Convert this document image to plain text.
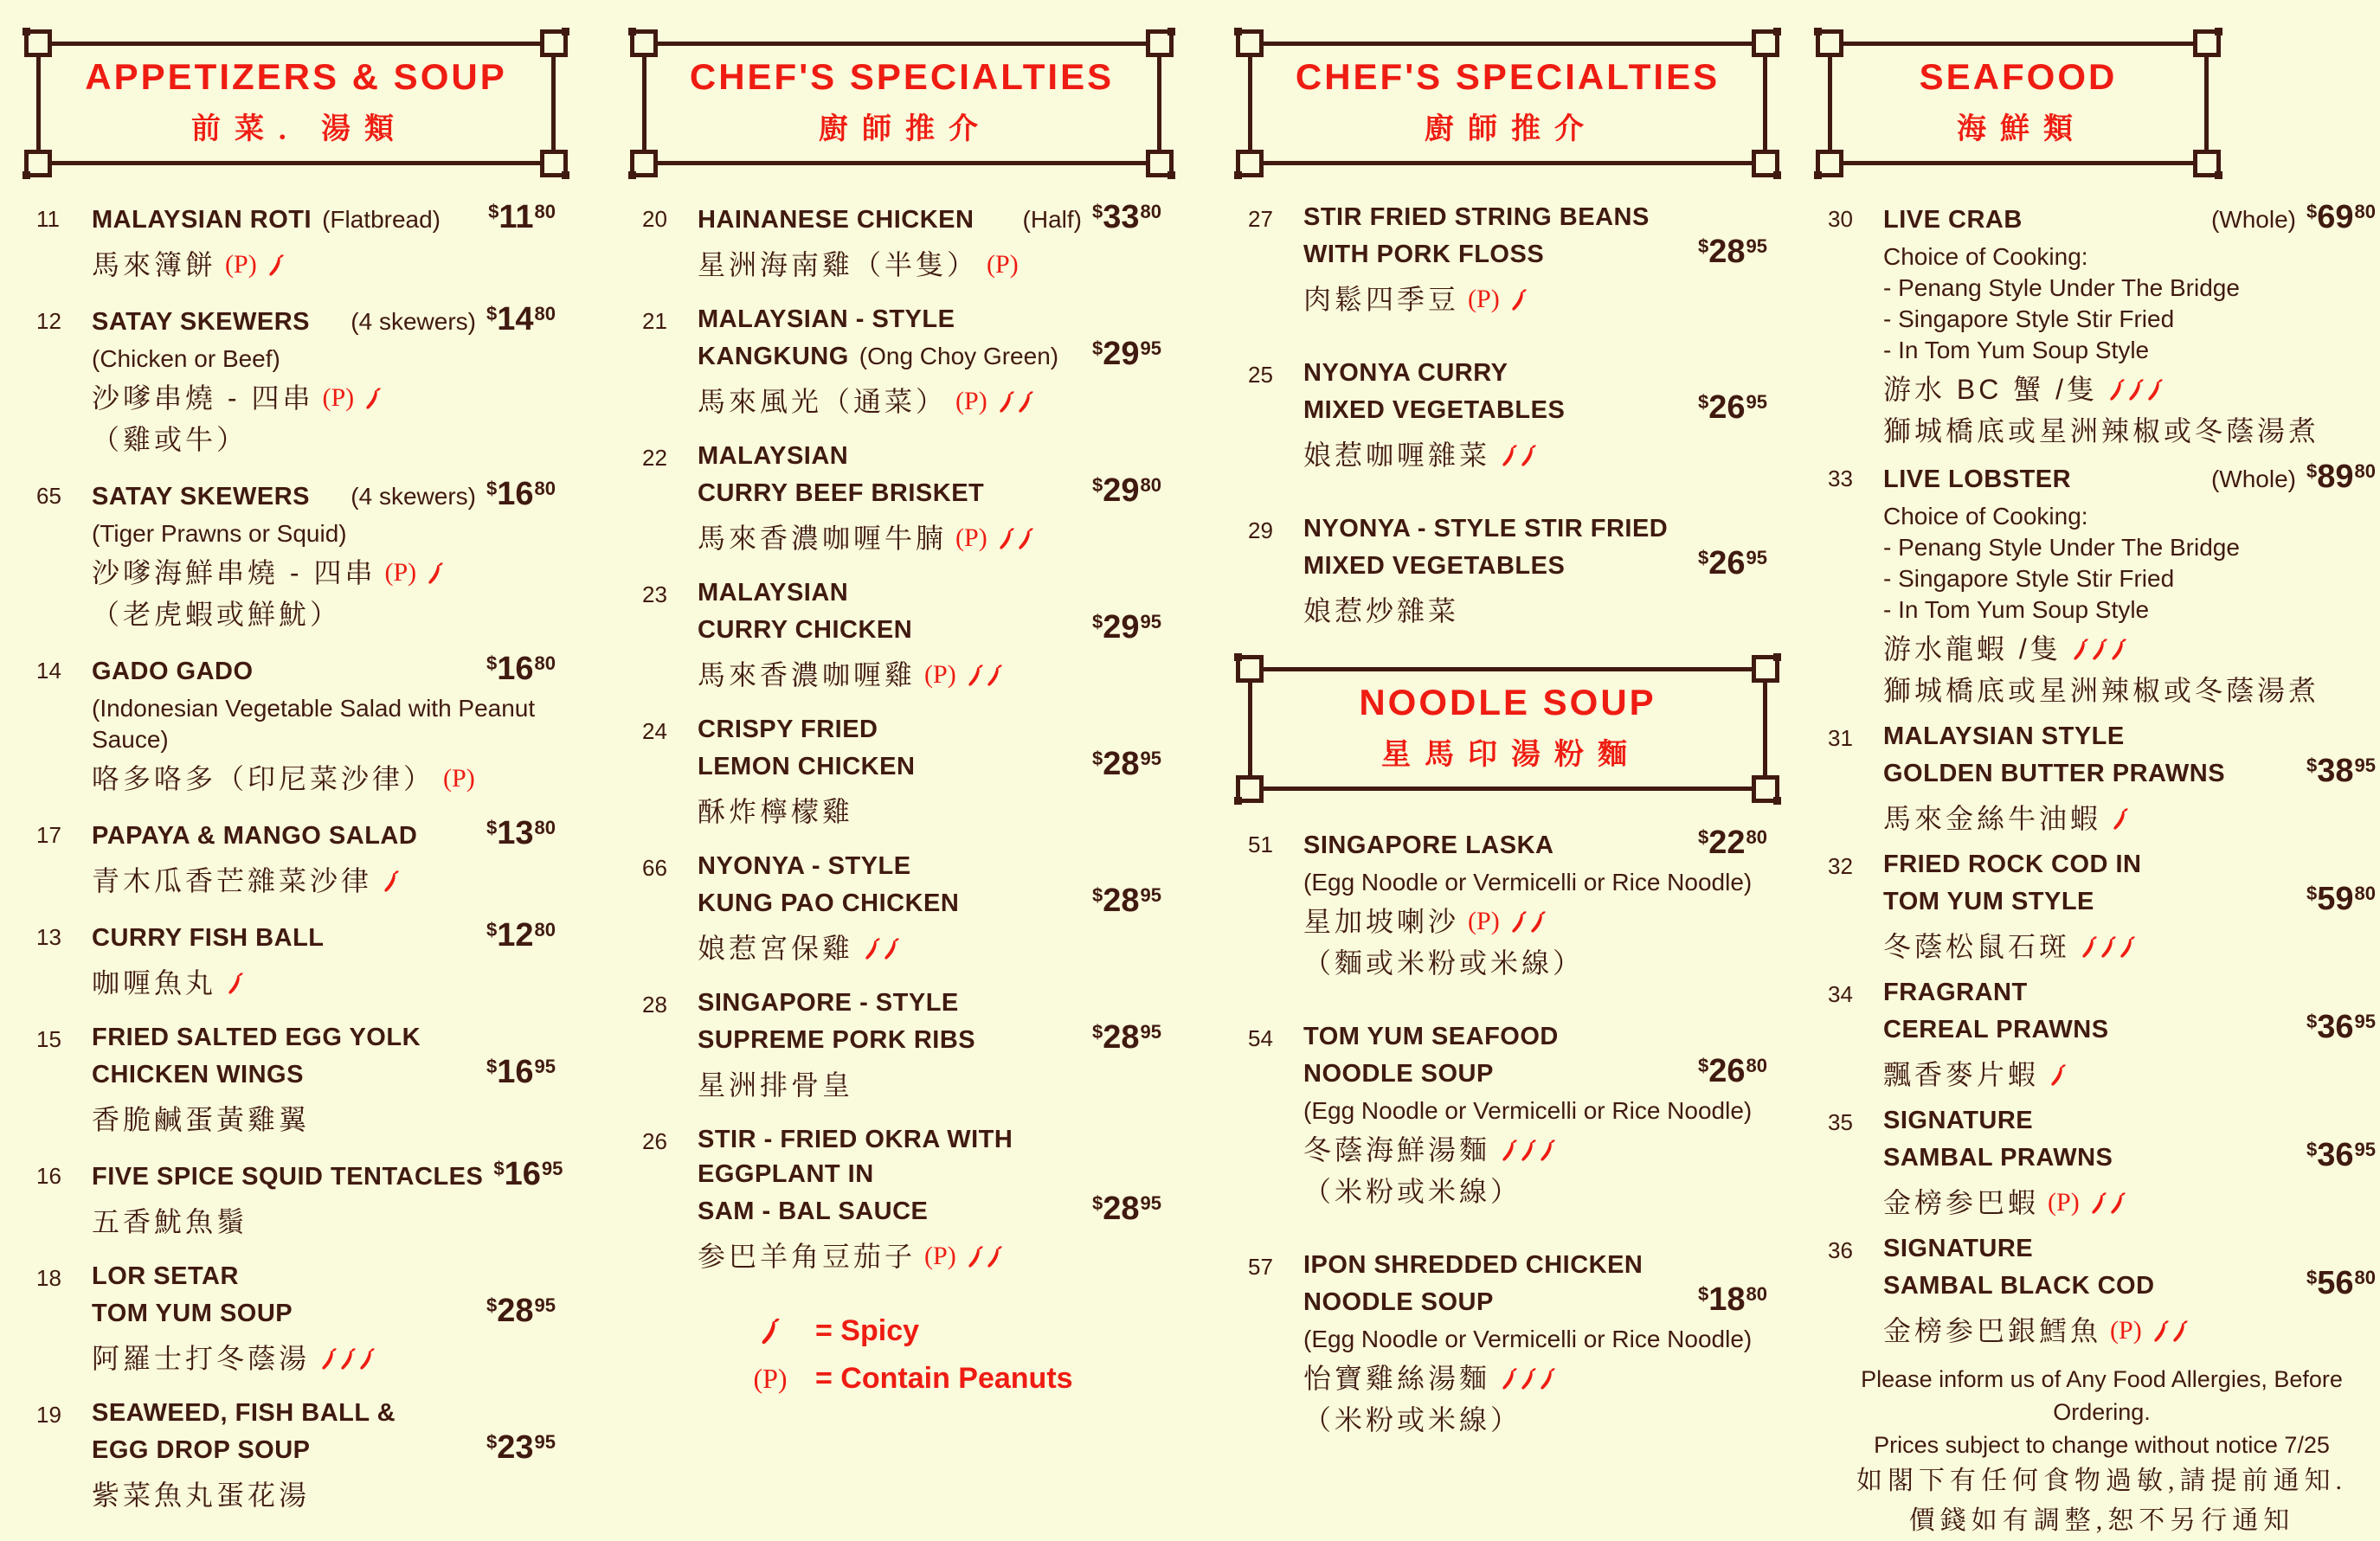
APPETIZERS & SOUP
前菜．湯類
11	MALAYSIAN ROTI (Flatbread)	$1180
馬來簿餅 (P)
12	SATAY SKEWERS (4 skewers) $1480
(Chicken or Beef)
沙嗲串燒 - 四串 (P)
（雞或牛）
65	SATAY SKEWERS (4 skewers) $1680
(Tiger Prawns or Squid)
沙嗲海鮮串燒 - 四串 (P)
（老虎蝦或鮮魷）
14	GADO GADO	$1680
(Indonesian Vegetable Salad with Peanut Sauce)
咯多咯多（印尼菜沙律） (P)
17	PAPAYA & MANGO SALAD	$1380
青木瓜香芒雜菜沙律
13	CURRY FISH BALL	$1280
咖喱魚丸
15	FRIED SALTED EGG YOLK
CHICKEN WINGS	$1695
香脆鹹蛋黃雞翼
16	FIVE SPICE SQUID TENTACLES $1695
五香魷魚鬚
18	LOR SETAR
TOM YUM SOUP	$2895
阿羅士打冬蔭湯
19	SEAWEED, FISH BALL &
EGG DROP SOUP	$2395
紫菜魚丸蛋花湯
CHEF'S SPECIALTIES
廚師推介
20	HAINANESE CHICKEN (Half) $3380
星洲海南雞（半隻） (P)
21	MALAYSIAN - STYLE
KANGKUNG (Ong Choy Green) $2995
馬來風光（通菜） (P)
22	MALAYSIAN
CURRY BEEF BRISKET	$2980
馬來香濃咖喱牛腩 (P)
23	MALAYSIAN
CURRY CHICKEN	$2995
馬來香濃咖喱雞 (P)
24	CRISPY FRIED
LEMON CHICKEN	$2895
酥炸檸檬雞
66	NYONYA - STYLE
KUNG PAO CHICKEN	$2895
娘惹宮保雞
28	SINGAPORE - STYLE
SUPREME PORK RIBS	$2895
星洲排骨皇
26	STIR - FRIED OKRA WITH
EGGPLANT IN
SAM - BAL SAUCE	$2895
参巴羊角豆茄子 (P)
= Spicy
(P) = Contain Peanuts
CHEF'S SPECIALTIES
廚師推介
27	STIR FRIED STRING BEANS
WITH PORK FLOSS	$2895
肉鬆四季豆 (P)
25	NYONYA CURRY
MIXED VEGETABLES	$2695
娘惹咖喱雜菜
29	NYONYA - STYLE STIR FRIED
MIXED VEGETABLES	$2695
娘惹炒雜菜
NOODLE SOUP
星馬印湯粉麵
51	SINGAPORE LASKA	$2280
(Egg Noodle or Vermicelli or Rice Noodle)
星加坡喇沙 (P)
（麵或米粉或米線）
54	TOM YUM SEAFOOD
NOODLE SOUP	$2680
(Egg Noodle or Vermicelli or Rice Noodle)
冬蔭海鮮湯麵
（米粉或米線）
57	IPON SHREDDED CHICKEN
NOODLE SOUP	$1880
(Egg Noodle or Vermicelli or Rice Noodle)
怡寶雞絲湯麵
（米粉或米線）
SEAFOOD
海鮮類
30	LIVE CRAB	(Whole) $6980
Choice of Cooking:
- Penang Style Under The Bridge
- Singapore Style Stir Fried
- In Tom Yum Soup Style
游水 BC 蟹 /隻
獅城橋底或星洲辣椒或冬蔭湯煮
33	LIVE LOBSTER	(Whole) $8980
Choice of Cooking:
- Penang Style Under The Bridge
- Singapore Style Stir Fried
- In Tom Yum Soup Style
游水龍蝦 /隻
獅城橋底或星洲辣椒或冬蔭湯煮
31	MALAYSIAN STYLE
GOLDEN BUTTER PRAWNS	$3895
馬來金絲牛油蝦
32	FRIED ROCK COD IN
TOM YUM STYLE	$5980
冬蔭松鼠石斑
34	FRAGRANT
CEREAL PRAWNS	$3695
飄香麥片蝦
35	SIGNATURE
SAMBAL PRAWNS	$3695
金榜参巴蝦 (P)
36	SIGNATURE
SAMBAL BLACK COD	$5680
金榜参巴銀鱈魚 (P)
Please inform us of Any Food Allergies, Before Ordering.
Prices subject to change without notice 7/25
如閣下有任何食物過敏,請提前通知.
價錢如有調整,恕不另行通知
